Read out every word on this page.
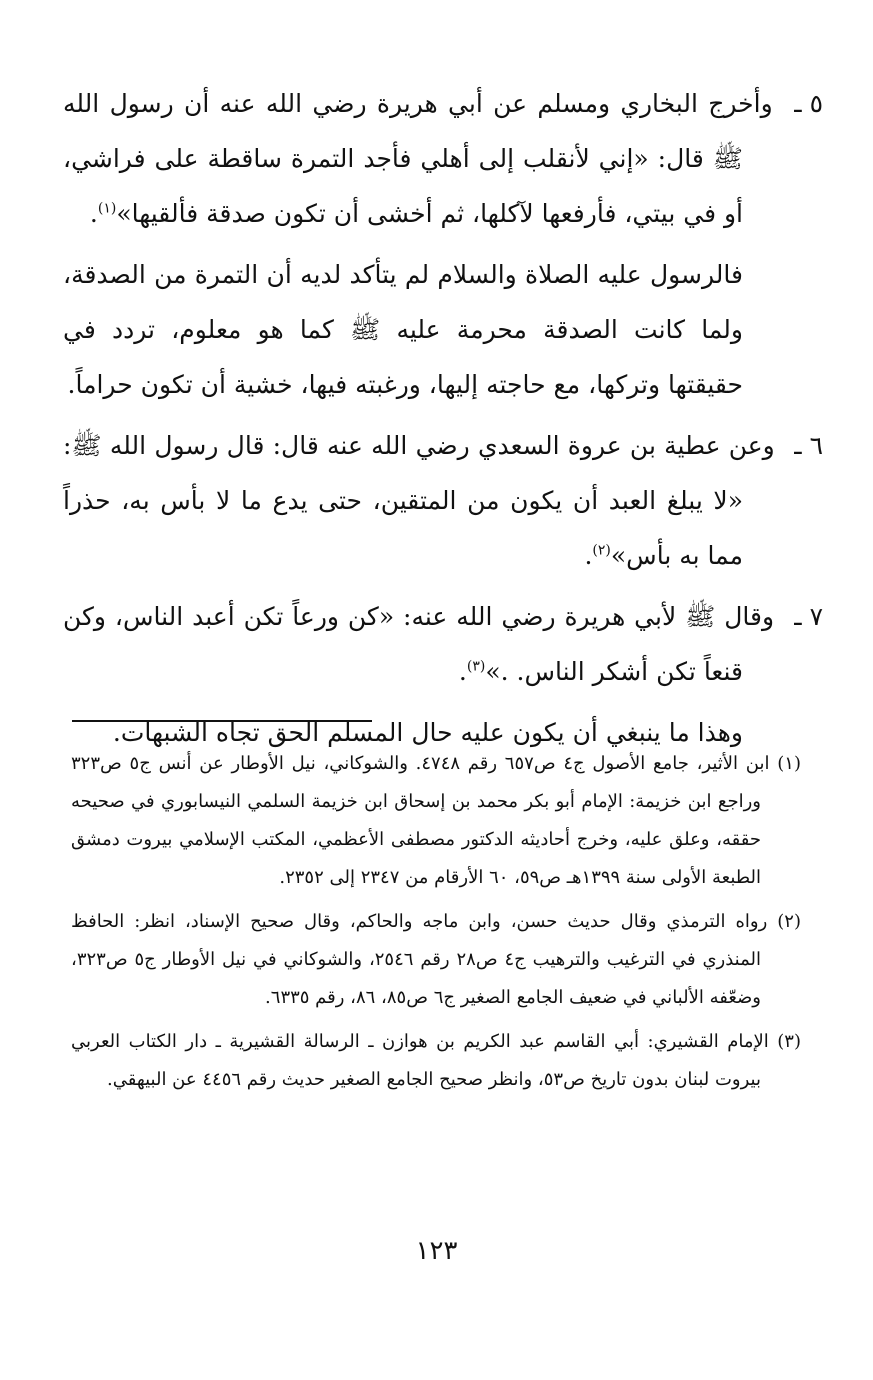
٥ ـ وأخرج البخاري ومسلم عن أبي هريرة رضي الله عنه أن رسول الله ﷺ قال: «إني لأنقلب إلى أهلي فأجد التمرة ساقطة على فراشي، أو في بيتي، فأرفعها لآكلها، ثم أخشى أن تكون صدقة فألقيها»$^{(١)}$.

فالرسول عليه الصلاة والسلام لم يتأكد لديه أن التمرة من الصدقة، ولما كانت الصدقة محرمة عليه ﷺ كما هو معلوم، تردد في حقيقتها وتركها، مع حاجته إليها، ورغبته فيها، خشية أن تكون حراماً.

٦ ـ وعن عطية بن عروة السعدي رضي الله عنه قال: قال رسول الله ﷺ: «لا يبلغ العبد أن يكون من المتقين، حتى يدع ما لا بأس به، حذراً مما به بأس»$^{(٢)}$.

٧ ـ وقال ﷺ لأبي هريرة رضي الله عنه: «كن ورعاً تكن أعبد الناس، وكن قنعاً تكن أشكر الناس. .»$^{(٣)}$.

وهذا ما ينبغي أن يكون عليه حال المسلم الحق تجاه الشبهات.

(١) ابن الأثير، جامع الأصول ج٤ ص٦٥٧ رقم ٤٧٤٨. والشوكاني، نيل الأوطار عن أنس ج٥ ص٣٢٣ وراجع ابن خزيمة: الإمام أبو بكر محمد بن إسحاق ابن خزيمة السلمي النيسابوري في صحيحه حققه، وعلق عليه، وخرج أحاديثه الدكتور مصطفى الأعظمي، المكتب الإسلامي بيروت دمشق الطبعة الأولى سنة ١٣٩٩هـ ص٥٩، ٦٠ الأرقام من ٢٣٤٧ إلى ٢٣٥٢.

(٢) رواه الترمذي وقال حديث حسن، وابن ماجه والحاكم، وقال صحيح الإسناد، انظر: الحافظ المنذري في الترغيب والترهيب ج٤ ص٢٨ رقم ٢٥٤٦، والشوكاني في نيل الأوطار ج٥ ص٣٢٣، وضعّفه الألباني في ضعيف الجامع الصغير ج٦ ص٨٥، ٨٦، رقم ٦٣٣٥.

(٣) الإمام القشيري: أبي القاسم عبد الكريم بن هوازن ـ الرسالة القشيرية ـ دار الكتاب العربي بيروت لبنان بدون تاريخ ص٥٣، وانظر صحيح الجامع الصغير حديث رقم ٤٤٥٦ عن البيهقي.

١٢٣
